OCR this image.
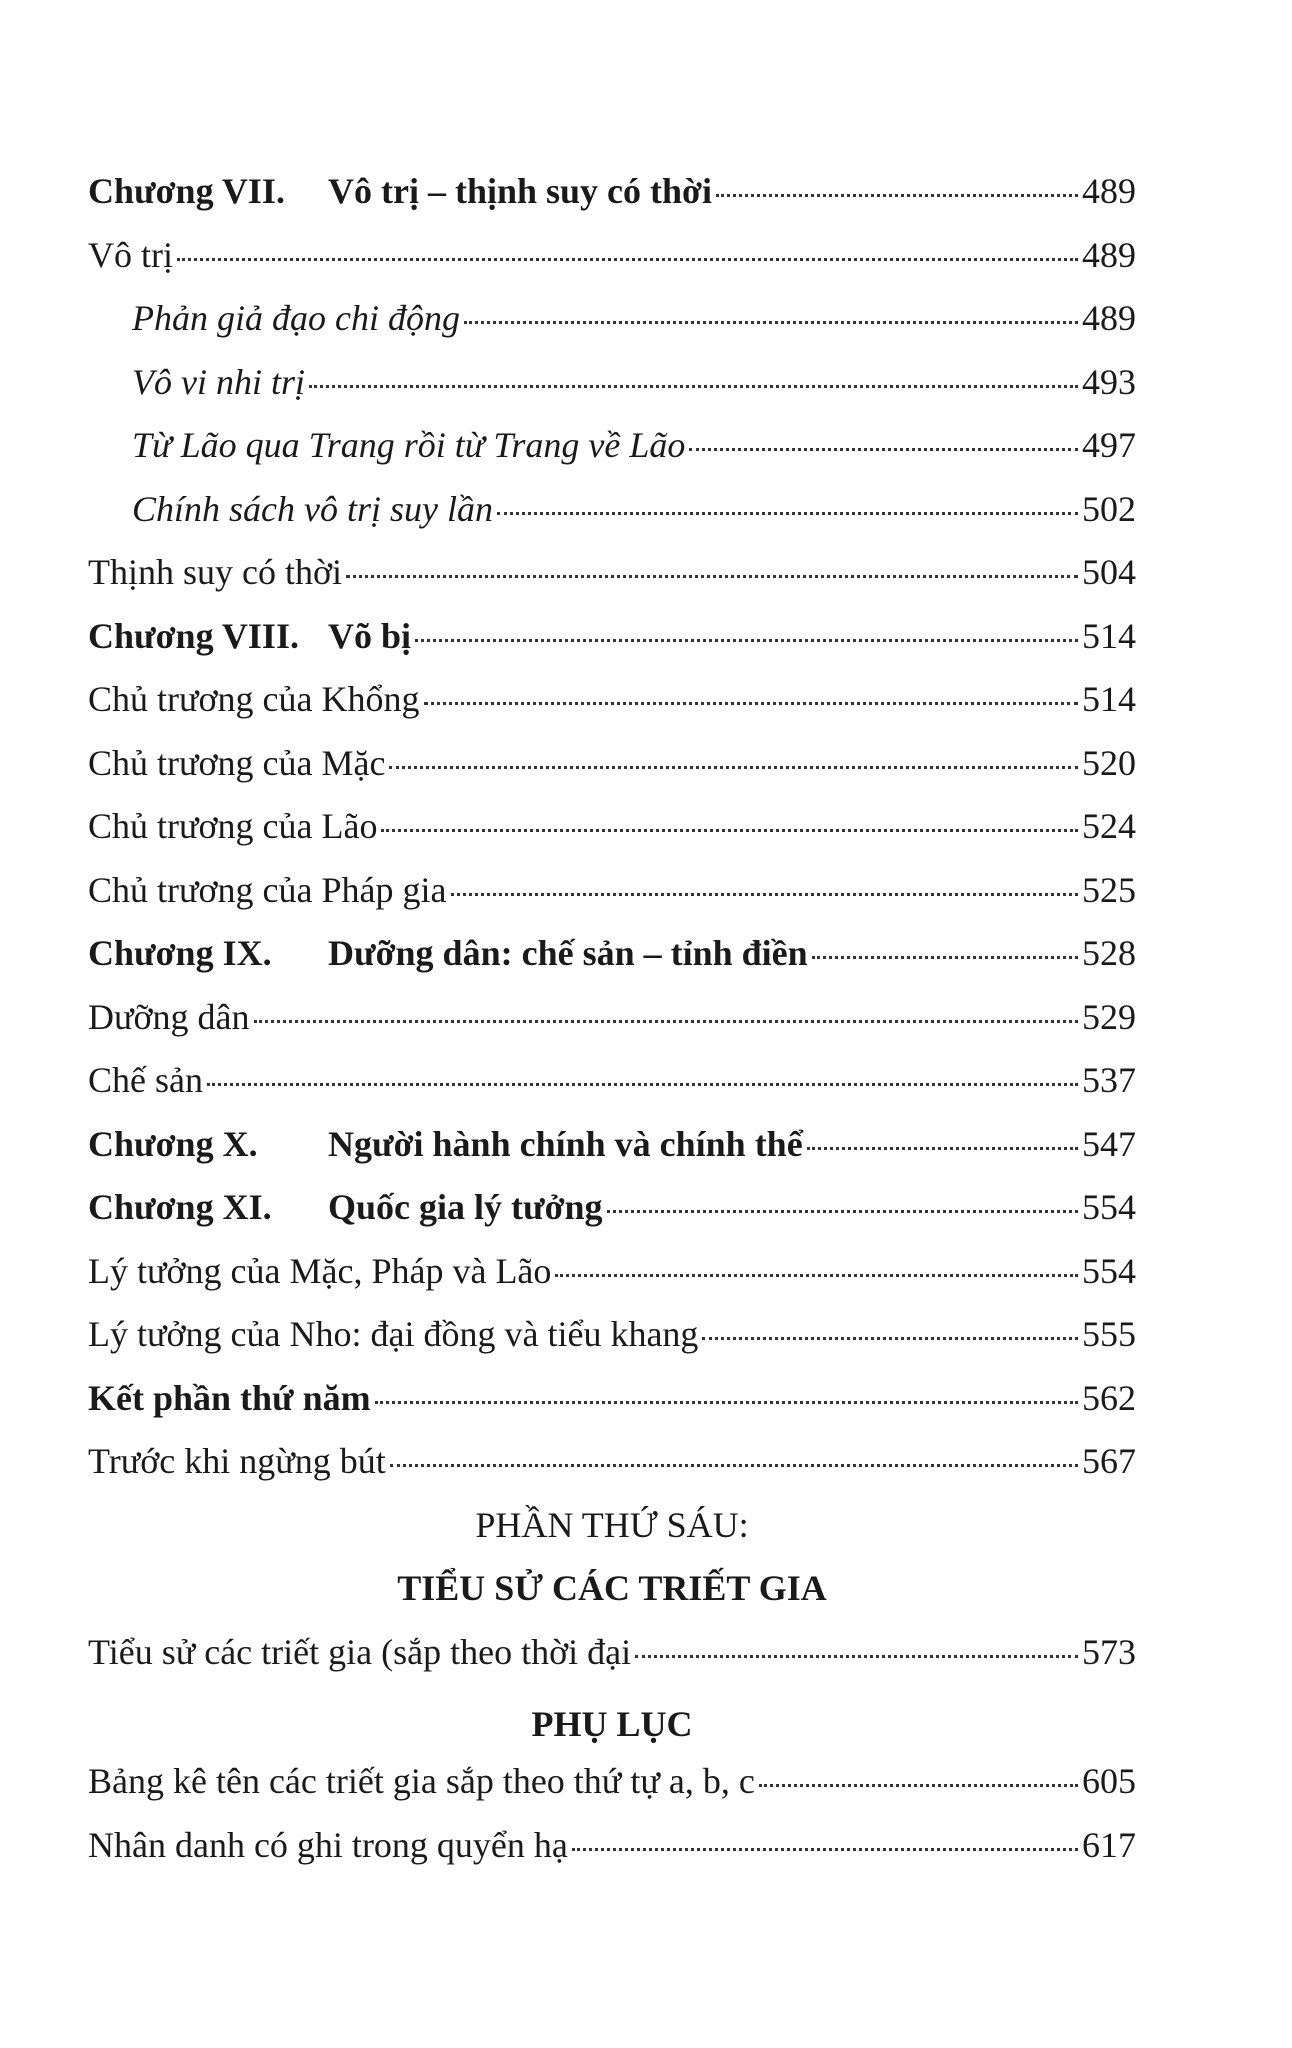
Chương VII.	Vô trị – thịnh suy có thời	489
Vô trị	489
Phản giả đạo chi động	489
Vô vi nhi trị	493
Từ Lão qua Trang rồi từ Trang về Lão	497
Chính sách vô trị suy lần	502
Thịnh suy có thời	504
Chương VIII. Võ bị	514
Chủ trương của Khổng	514
Chủ trương của Mặc	520
Chủ trương của Lão	524
Chủ trương của Pháp gia	525
Chương IX.	Dưỡng dân: chế sản – tỉnh điền	528
Dưỡng dân	529
Chế sản	537
Chương X.	Người hành chính và chính thể	547
Chương XI.	Quốc gia lý tưởng	554
Lý tưởng của Mặc, Pháp và Lão	554
Lý tưởng của Nho: đại đồng và tiểu khang	555
Kết phần thứ năm	562
Trước khi ngừng bút	567
PHẦN THỨ SÁU:
TIỂU SỬ CÁC TRIẾT GIA
Tiểu sử các triết gia (sắp theo thời đại	573
PHỤ LỤC
Bảng kê tên các triết gia sắp theo thứ tự a, b, c	605
Nhân danh có ghi trong quyển hạ	617
